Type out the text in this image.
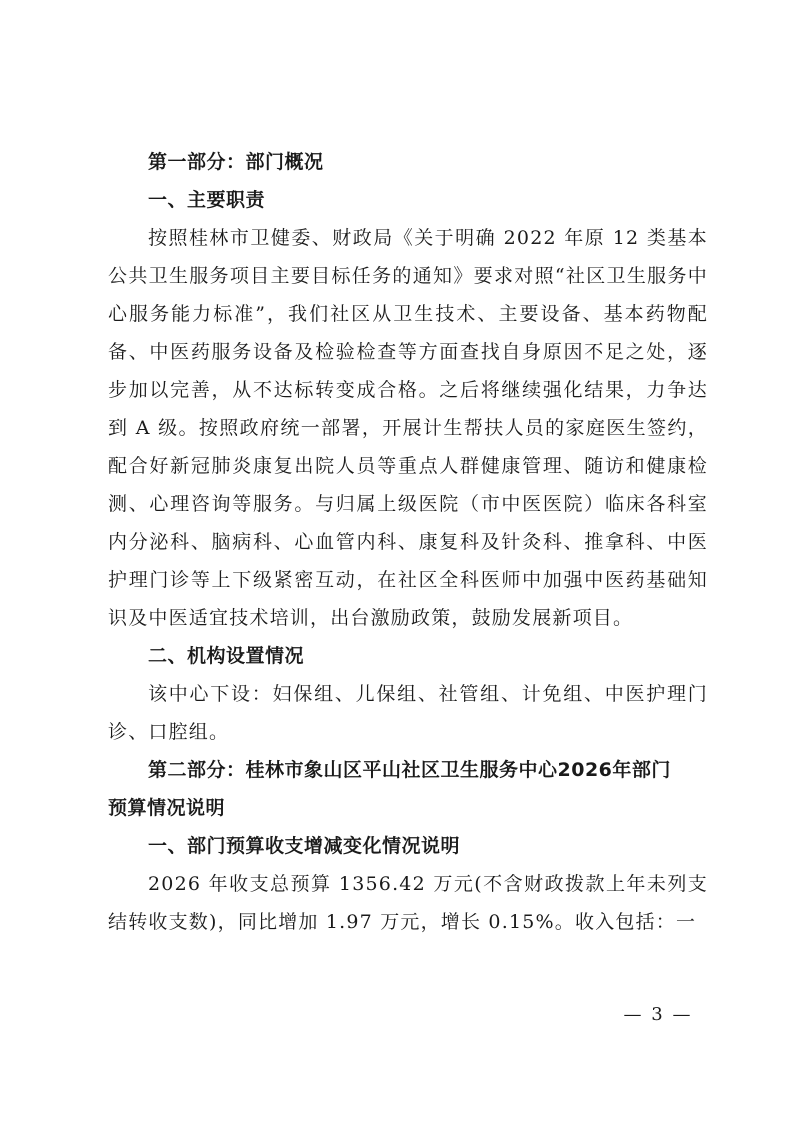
第一部分：部门概况

一、主要职责

按照桂林市卫健委、财政局《关于明确 2022 年原 12 类基本公共卫生服务项目主要目标任务的通知》要求对照“社区卫生服务中心服务能力标准”，我们社区从卫生技术、主要设备、基本药物配备、中医药服务设备及检验检查等方面查找自身原因不足之处，逐步加以完善，从不达标转变成合格。之后将继续强化结果，力争达到 A 级。按照政府统一部署，开展计生帮扶人员的家庭医生签约，配合好新冠肺炎康复出院人员等重点人群健康管理、随访和健康检测、心理咨询等服务。与归属上级医院（市中医医院）临床各科室内分泌科、脑病科、心血管内科、康复科及针灸科、推拿科、中医护理门诊等上下级紧密互动，在社区全科医师中加强中医药基础知识及中医适宜技术培训，出台激励政策，鼓励发展新项目。

二、机构设置情况

该中心下设：妇保组、儿保组、社管组、计免组、中医护理门诊、口腔组。

第二部分：桂林市象山区平山社区卫生服务中心2026年部门
预算情况说明

一、部门预算收支增减变化情况说明

2026 年收支总预算 1356.42 万元(不含财政拨款上年未列支结转收支数)，同比增加 1.97 万元，增长 0.15%。收入包括：一

— 3 —
